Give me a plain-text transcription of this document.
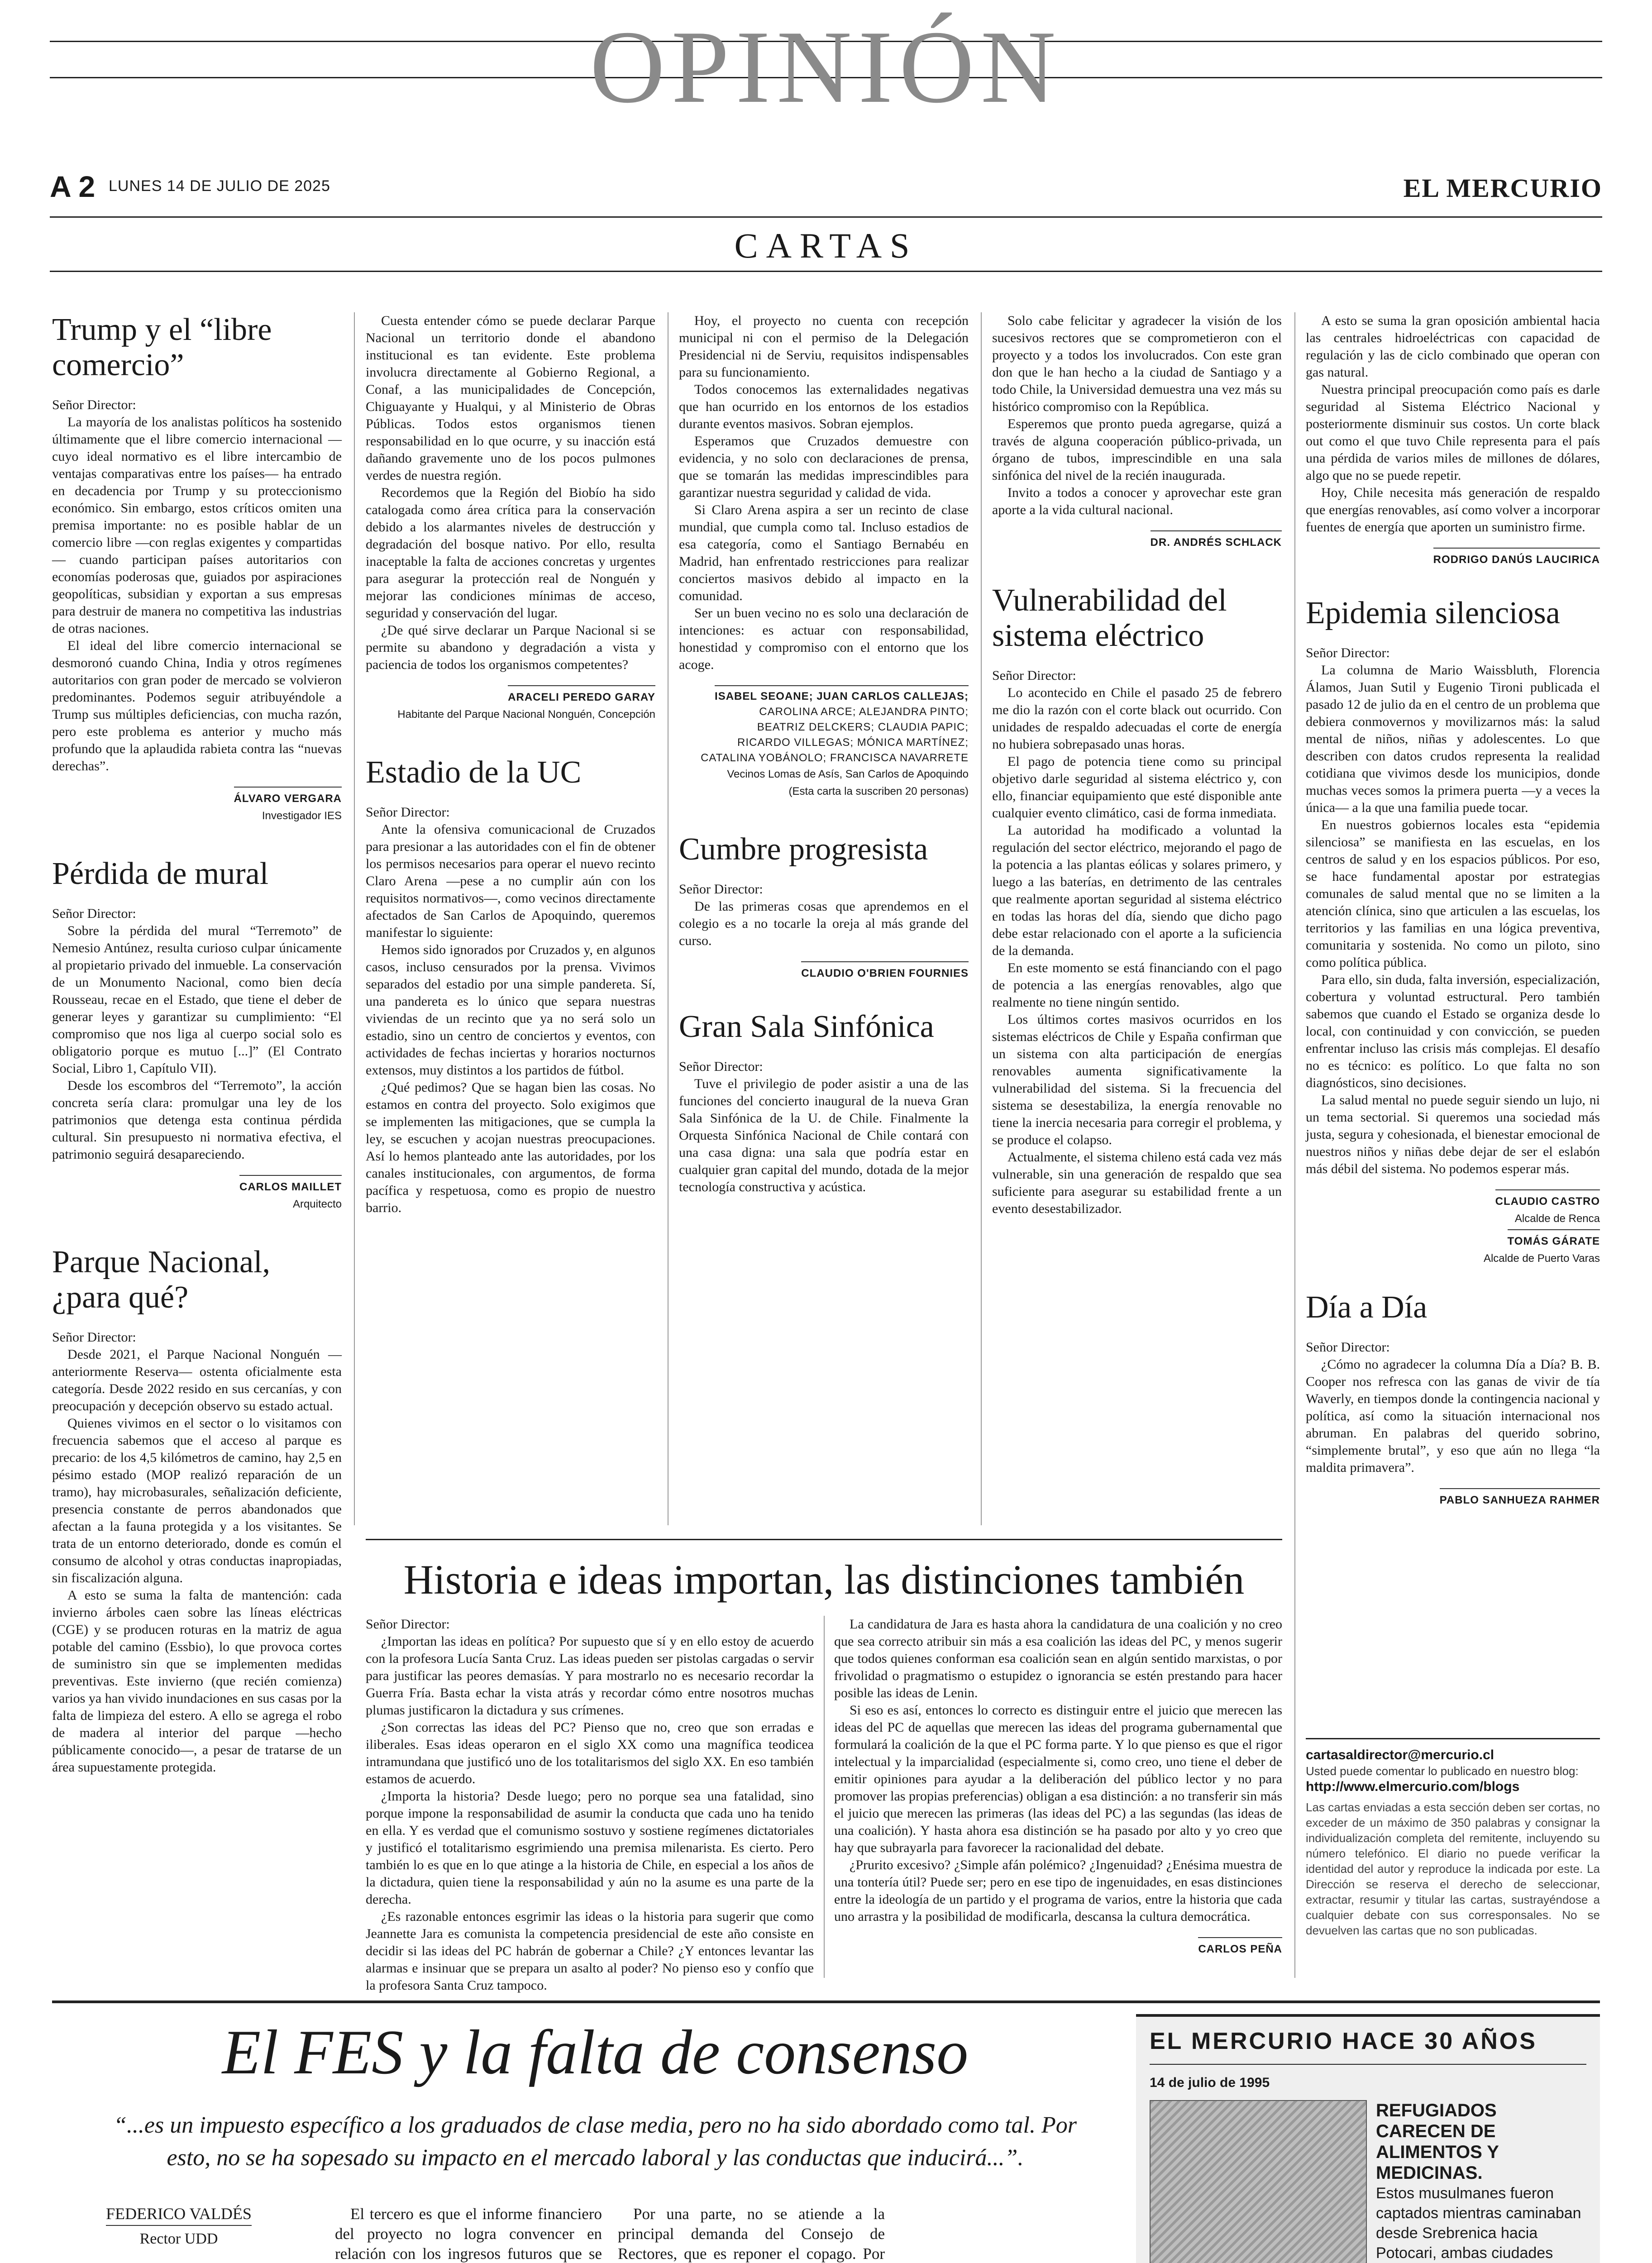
OPINIÓN
A 2 LUNES 14 DE JULIO DE 2025	EL MERCURIO
CARTAS
Trump y el “libre comercio”

Señor Director:

La mayoría de los analistas políticos ha sostenido últimamente que el libre comercio internacional —cuyo ideal normativo es el libre intercambio de ventajas comparativas entre los países— ha entrado en decadencia por Trump y su proteccionismo económico. Sin embargo, estos críticos omiten una premisa importante: no es posible hablar de un comercio libre —con reglas exigentes y compartidas— cuando participan países autoritarios con economías poderosas que, guiados por aspiraciones geopolíticas, subsidian y exportan a sus empresas para destruir de manera no competitiva las industrias de otras naciones.

El ideal del libre comercio internacional se desmoronó cuando China, India y otros regímenes autoritarios con gran poder de mercado se volvieron predominantes. Podemos seguir atribuyéndole a Trump sus múltiples deficiencias, con mucha razón, pero este problema es anterior y mucho más profundo que la aplaudida rabieta contra las “nuevas derechas”.

ÁLVARO VERGARA
Investigador IES
Pérdida de mural

Señor Director:

Sobre la pérdida del mural “Terremoto” de Nemesio Antúnez, resulta curioso culpar únicamente al propietario privado del inmueble. La conservación de un Monumento Nacional, como bien decía Rousseau, recae en el Estado, que tiene el deber de generar leyes y garantizar su cumplimiento: “El compromiso que nos liga al cuerpo social solo es obligatorio porque es mutuo [...]” (El Contrato Social, Libro 1, Capítulo VII).

Desde los escombros del “Terremoto”, la acción concreta sería clara: promulgar una ley de los patrimonios que detenga esta continua pérdida cultural. Sin presupuesto ni normativa efectiva, el patrimonio seguirá desapareciendo.

CARLOS MAILLET
Arquitecto
Parque Nacional, ¿para qué?

Señor Director:

Desde 2021, el Parque Nacional Nonguén —anteriormente Reserva— ostenta oficialmente esta categoría. Desde 2022 resido en sus cercanías, y con preocupación y decepción observo su estado actual.

Quienes vivimos en el sector o lo visitamos con frecuencia sabemos que el acceso al parque es precario: de los 4,5 kilómetros de camino, hay 2,5 en pésimo estado (MOP realizó reparación de un tramo), hay microbasurales, señalización deficiente, presencia constante de perros abandonados que afectan a la fauna protegida y a los visitantes. Se trata de un entorno deteriorado, donde es común el consumo de alcohol y otras conductas inapropiadas, sin fiscalización alguna.

A esto se suma la falta de mantención: cada invierno árboles caen sobre las líneas eléctricas (CGE) y se producen roturas en la matriz de agua potable del camino (Essbio), lo que provoca cortes de suministro sin que se implementen medidas preventivas. Este invierno (que recién comienza) varios ya han vivido inundaciones en sus casas por la falta de limpieza del estero. A ello se agrega el robo de madera al interior del parque —hecho públicamente conocido—, a pesar de tratarse de un área supuestamente protegida.

Cuesta entender cómo se puede declarar Parque Nacional un territorio donde el abandono institucional es tan evidente. Este problema involucra directamente al Gobierno Regional, a Conaf, a las municipalidades de Concepción, Chiguayante y Hualqui, y al Ministerio de Obras Públicas. Todos estos organismos tienen responsabilidad en lo que ocurre, y su inacción está dañando gravemente uno de los pocos pulmones verdes de nuestra región.

Recordemos que la Región del Biobío ha sido catalogada como área crítica para la conservación debido a los alarmantes niveles de destrucción y degradación del bosque nativo. Por ello, resulta inaceptable la falta de acciones concretas y urgentes para asegurar la protección real de Nonguén y mejorar las condiciones mínimas de acceso, seguridad y conservación del lugar.

¿De qué sirve declarar un Parque Nacional si se permite su abandono y degradación a vista y paciencia de todos los organismos competentes?

ARACELI PEREDO GARAY
Habitante del Parque Nacional Nonguén, Concepción
Estadio de la UC

Señor Director:

Ante la ofensiva comunicacional de Cruzados para presionar a las autoridades con el fin de obtener los permisos necesarios para operar el nuevo recinto Claro Arena —pese a no cumplir aún con los requisitos normativos—, como vecinos directamente afectados de San Carlos de Apoquindo, queremos manifestar lo siguiente:

Hemos sido ignorados por Cruzados y, en algunos casos, incluso censurados por la prensa. Vivimos separados del estadio por una simple pandereta. Sí, una pandereta es lo único que separa nuestras viviendas de un recinto que ya no será solo un estadio, sino un centro de conciertos y eventos, con actividades de fechas inciertas y horarios nocturnos extensos, muy distintos a los partidos de fútbol.

¿Qué pedimos? Que se hagan bien las cosas. No estamos en contra del proyecto. Solo exigimos que se implementen las mitigaciones, que se cumpla la ley, se escuchen y acojan nuestras preocupaciones. Así lo hemos planteado ante las autoridades, por los canales institucionales, con argumentos, de forma pacífica y respetuosa, como es propio de nuestro barrio.

Hoy, el proyecto no cuenta con recepción municipal ni con el permiso de la Delegación Presidencial ni de Serviu, requisitos indispensables para su funcionamiento.

Todos conocemos las externalidades negativas que han ocurrido en los entornos de los estadios durante eventos masivos. Sobran ejemplos.

Esperamos que Cruzados demuestre con evidencia, y no solo con declaraciones de prensa, que se tomarán las medidas imprescindibles para garantizar nuestra seguridad y calidad de vida.

Si Claro Arena aspira a ser un recinto de clase mundial, que cumpla como tal. Incluso estadios de esa categoría, como el Santiago Bernabéu en Madrid, han enfrentado restricciones para realizar conciertos masivos debido al impacto en la comunidad.

Ser un buen vecino no es solo una declaración de intenciones: es actuar con responsabilidad, honestidad y compromiso con el entorno que los acoge.

ISABEL SEOANE; JUAN CARLOS CALLEJAS;
CAROLINA ARCE; ALEJANDRA PINTO;
BEATRIZ DELCKERS; CLAUDIA PAPIC;
RICARDO VILLEGAS; MÓNICA MARTÍNEZ;
CATALINA YOBÁNOLO; FRANCISCA NAVARRETE
Vecinos Lomas de Asís, San Carlos de Apoquindo
(Esta carta la suscriben 20 personas)
Cumbre progresista

Señor Director:

De las primeras cosas que aprendemos en el colegio es a no tocarle la oreja al más grande del curso.

CLAUDIO O'BRIEN FOURNIES
Gran Sala Sinfónica

Señor Director:

Tuve el privilegio de poder asistir a una de las funciones del concierto inaugural de la nueva Gran Sala Sinfónica de la U. de Chile. Finalmente la Orquesta Sinfónica Nacional de Chile contará con una casa digna: una sala que podría estar en cualquier gran capital del mundo, dotada de la mejor tecnología constructiva y acústica.

Solo cabe felicitar y agradecer la visión de los sucesivos rectores que se comprometieron con el proyecto y a todos los involucrados. Con este gran don que le han hecho a la ciudad de Santiago y a todo Chile, la Universidad demuestra una vez más su histórico compromiso con la República.

Esperemos que pronto pueda agregarse, quizá a través de alguna cooperación público-privada, un órgano de tubos, imprescindible en una sala sinfónica del nivel de la recién inaugurada.

Invito a todos a conocer y aprovechar este gran aporte a la vida cultural nacional.

DR. ANDRÉS SCHLACK
Vulnerabilidad del sistema eléctrico

Señor Director:

Lo acontecido en Chile el pasado 25 de febrero me dio la razón con el corte black out ocurrido. Con unidades de respaldo adecuadas el corte de energía no hubiera sobrepasado unas horas.

El pago de potencia tiene como su principal objetivo darle seguridad al sistema eléctrico y, con ello, financiar equipamiento que esté disponible ante cualquier evento climático, casi de forma inmediata.

La autoridad ha modificado a voluntad la regulación del sector eléctrico, mejorando el pago de la potencia a las plantas eólicas y solares primero, y luego a las baterías, en detrimento de las centrales que realmente aportan seguridad al sistema eléctrico en todas las horas del día, siendo que dicho pago debe estar relacionado con el aporte a la suficiencia de la demanda.

En este momento se está financiando con el pago de potencia a las energías renovables, algo que realmente no tiene ningún sentido.

Los últimos cortes masivos ocurridos en los sistemas eléctricos de Chile y España confirman que un sistema con alta participación de energías renovables aumenta significativamente la vulnerabilidad del sistema. Si la frecuencia del sistema se desestabiliza, la energía renovable no tiene la inercia necesaria para corregir el problema, y se produce el colapso.

Actualmente, el sistema chileno está cada vez más vulnerable, sin una generación de respaldo que sea suficiente para asegurar su estabilidad frente a un evento desestabilizador.

A esto se suma la gran oposición ambiental hacia las centrales hidroeléctricas con capacidad de regulación y las de ciclo combinado que operan con gas natural.

Nuestra principal preocupación como país es darle seguridad al Sistema Eléctrico Nacional y posteriormente disminuir sus costos. Un corte black out como el que tuvo Chile representa para el país una pérdida de varios miles de millones de dólares, algo que no se puede repetir.

Hoy, Chile necesita más generación de respaldo que energías renovables, así como volver a incorporar fuentes de energía que aporten un suministro firme.

RODRIGO DANÚS LAUCIRICA
Epidemia silenciosa

Señor Director:

La columna de Mario Waissbluth, Florencia Álamos, Juan Sutil y Eugenio Tironi publicada el pasado 12 de julio da en el centro de un problema que debiera conmovernos y movilizarnos más: la salud mental de niños, niñas y adolescentes. Lo que describen con datos crudos representa la realidad cotidiana que vivimos desde los municipios, donde muchas veces somos la primera puerta —y a veces la única— a la que una familia puede tocar.

En nuestros gobiernos locales esta “epidemia silenciosa” se manifiesta en las escuelas, en los centros de salud y en los espacios públicos. Por eso, se hace fundamental apostar por estrategias comunales de salud mental que no se limiten a la atención clínica, sino que articulen a las escuelas, los territorios y las familias en una lógica preventiva, comunitaria y sostenida. No como un piloto, sino como política pública.

Para ello, sin duda, falta inversión, especialización, cobertura y voluntad estructural. Pero también sabemos que cuando el Estado se organiza desde lo local, con continuidad y con convicción, se pueden enfrentar incluso las crisis más complejas. El desafío no es técnico: es político. Lo que falta no son diagnósticos, sino decisiones.

La salud mental no puede seguir siendo un lujo, ni un tema sectorial. Si queremos una sociedad más justa, segura y cohesionada, el bienestar emocional de nuestros niños y niñas debe dejar de ser el eslabón más débil del sistema. No podemos esperar más.

CLAUDIO CASTRO
Alcalde de Renca
TOMÁS GÁRATE
Alcalde de Puerto Varas
Día a Día

Señor Director:

¿Cómo no agradecer la columna Día a Día? B. B. Cooper nos refresca con las ganas de vivir de tía Waverly, en tiempos donde la contingencia nacional y política, así como la situación internacional nos abruman. En palabras del querido sobrino, “simplemente brutal”, y eso que aún no llega “la maldita primavera”.

PABLO SANHUEZA RAHMER
cartasaldirector@mercurio.cl
Usted puede comentar lo publicado en nuestro blog:
http://www.elmercurio.com/blogs
Las cartas enviadas a esta sección deben ser cortas, no exceder de un máximo de 350 palabras y consignar la individualización completa del remitente, incluyendo su número telefónico. El diario no puede verificar la identidad del autor y reproduce la indicada por este. La Dirección se reserva el derecho de seleccionar, extractar, resumir y titular las cartas, sustrayéndose a cualquier debate con sus corresponsales. No se devuelven las cartas que no son publicadas.
Historia e ideas importan, las distinciones también

Señor Director:

¿Importan las ideas en política? Por supuesto que sí y en ello estoy de acuerdo con la profesora Lucía Santa Cruz. Las ideas pueden ser pistolas cargadas o servir para justificar las peores demasías. Y para mostrarlo no es necesario recordar la Guerra Fría. Basta echar la vista atrás y recordar cómo entre nosotros muchas plumas justificaron la dictadura y sus crímenes.

¿Son correctas las ideas del PC? Pienso que no, creo que son erradas e iliberales. Esas ideas operaron en el siglo XX como una magnífica teodicea intramundana que justificó uno de los totalitarismos del siglo XX. En eso también estamos de acuerdo.

¿Importa la historia? Desde luego; pero no porque sea una fatalidad, sino porque impone la responsabilidad de asumir la conducta que cada uno ha tenido en ella. Y es verdad que el comunismo sostuvo y sostiene regímenes dictatoriales y justificó el totalitarismo esgrimiendo una premisa milenarista. Es cierto. Pero también lo es que en lo que atinge a la historia de Chile, en especial a los años de la dictadura, quien tiene la responsabilidad y aún no la asume es una parte de la derecha.

¿Es razonable entonces esgrimir las ideas o la historia para sugerir que como Jeannette Jara es comunista la competencia presidencial de este año consiste en decidir si las ideas del PC habrán de gobernar a Chile? ¿Y entonces levantar las alarmas e insinuar que se prepara un asalto al poder? No pienso eso y confío que la profesora Santa Cruz tampoco.

La candidatura de Jara es hasta ahora la candidatura de una coalición y no creo que sea correcto atribuir sin más a esa coalición las ideas del PC, y menos sugerir que todos quienes conforman esa coalición sean en algún sentido marxistas, o por frivolidad o pragmatismo o estupidez o ignorancia se estén prestando para hacer posible las ideas de Lenin.

Si eso es así, entonces lo correcto es distinguir entre el juicio que merecen las ideas del PC de aquellas que merecen las ideas del programa gubernamental que formulará la coalición de la que el PC forma parte. Y lo que pienso es que el rigor intelectual y la imparcialidad (especialmente si, como creo, uno tiene el deber de emitir opiniones para ayudar a la deliberación del público lector y no para promover las propias preferencias) obligan a esa distinción: a no transferir sin más el juicio que merecen las primeras (las ideas del PC) a las segundas (las ideas de una coalición). Y hasta ahora esa distinción se ha pasado por alto y yo creo que hay que subrayarla para favorecer la racionalidad del debate.

¿Prurito excesivo? ¿Simple afán polémico? ¿Ingenuidad? ¿Enésima muestra de una tontería útil? Puede ser; pero en ese tipo de ingenuidades, en esas distinciones entre la ideología de un partido y el programa de varios, entre la historia que cada uno arrastra y la posibilidad de modificarla, descansa la cultura democrática.

CARLOS PEÑA
El FES y la falta de consenso
“...es un impuesto específico a los graduados de clase media, pero no ha sido abordado como tal. Por esto, no se ha sopesado su impacto en el mercado laboral y las conductas que inducirá...”.
FEDERICO VALDÉS
Rector UDD

El tercero es que el informe financiero del proyecto no logra convencer en relación con los ingresos futuros que se

Por una parte, no se atiende a la principal demanda del Consejo de Rectores, que es reponer el copago. Por

EL MERCURIO HACE 30 AÑOS
14 de julio de 1995
REFUGIADOS CARECEN DE ALIMENTOS Y MEDICINAS.
Estos musulmanes fueron captados mientras caminaban desde Srebrenica hacia Potocari, ambas ciudades
